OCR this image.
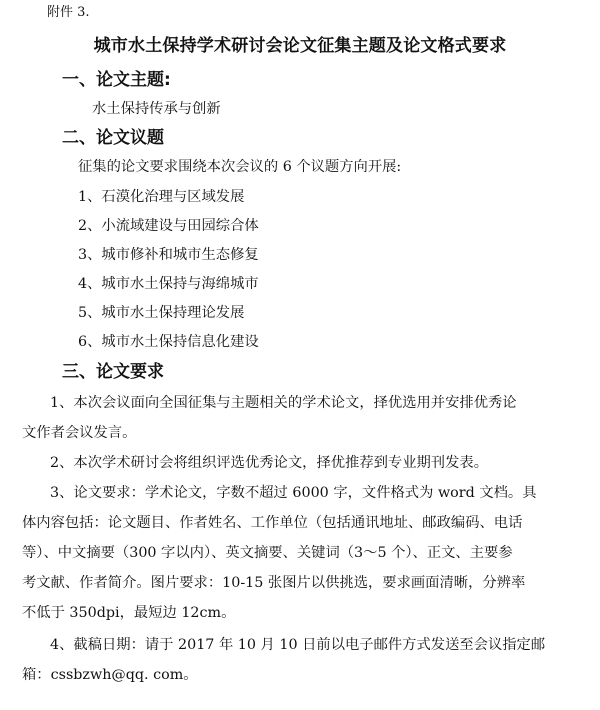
附件 3.
城市水土保持学术研讨会论文征集主题及论文格式要求
一、论文主题:
水土保持传承与创新
二、论文议题
征集的论文要求围绕本次会议的 6 个议题方向开展:
1、石漠化治理与区域发展
2、小流域建设与田园综合体
3、城市修补和城市生态修复
4、城市水土保持与海绵城市
5、城市水土保持理论发展
6、城市水土保持信息化建设
三、论文要求
1、本次会议面向全国征集与主题相关的学术论文，择优选用并安排优秀论
文作者会议发言。
2、本次学术研讨会将组织评选优秀论文，择优推荐到专业期刊发表。
3、论文要求：学术论文，字数不超过 6000 字，文件格式为 word 文档。具
体内容包括：论文题目、作者姓名、工作单位（包括通讯地址、邮政编码、电话
等）、中文摘要（300 字以内）、英文摘要、关键词（3～5 个）、正文、主要参
考文献、作者简介。图片要求：10-15 张图片以供挑选，要求画面清晰，分辨率
不低于 350dpi，最短边 12cm。
4、截稿日期：请于 2017 年 10 月 10 日前以电子邮件方式发送至会议指定邮
箱：cssbzwh@qq. com。
